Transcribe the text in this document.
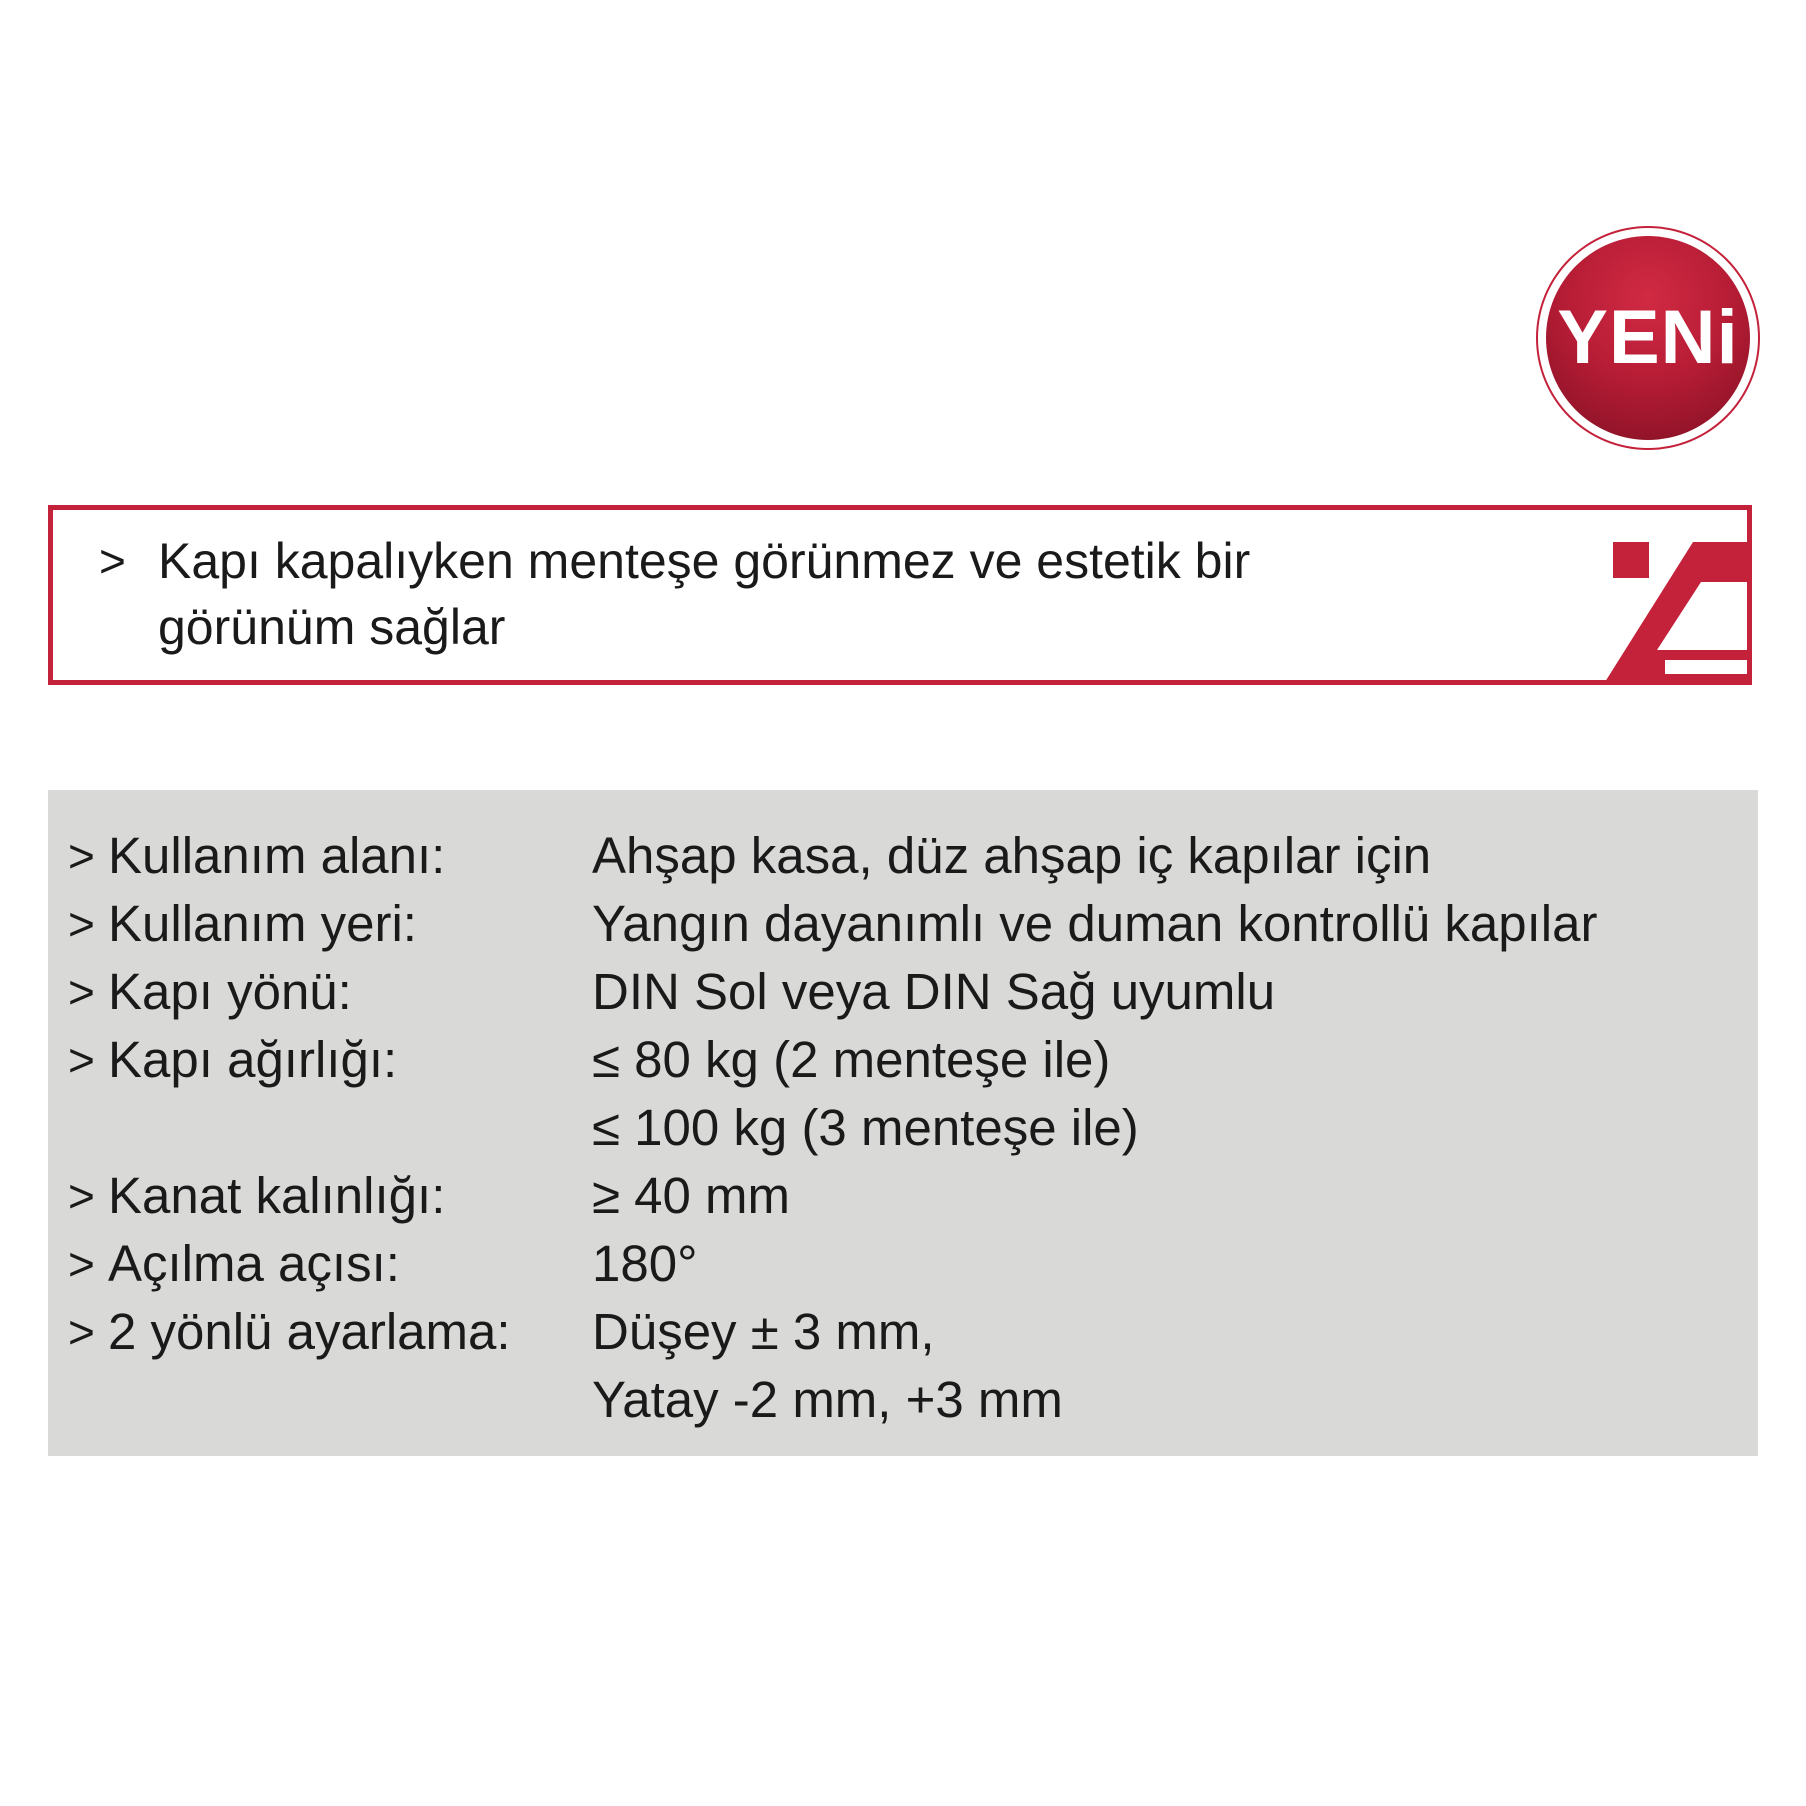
YENi
> Kapı kapalıyken menteşe görünmez ve estetik bir
görünüm sağlar
> Kullanım alanı:	Ahşap kasa, düz ahşap iç kapılar için
> Kullanım yeri:	Yangın dayanımlı ve duman kontrollü kapılar
> Kapı yönü:	DIN Sol veya DIN Sağ uyumlu
> Kapı ağırlığı:	≤ 80 kg (2 menteşe ile)
≤ 100 kg (3 menteşe ile)
> Kanat kalınlığı:	≥ 40 mm
> Açılma açısı:	180°
> 2 yönlü ayarlama: Düşey ± 3 mm,
Yatay -2 mm, +3 mm
